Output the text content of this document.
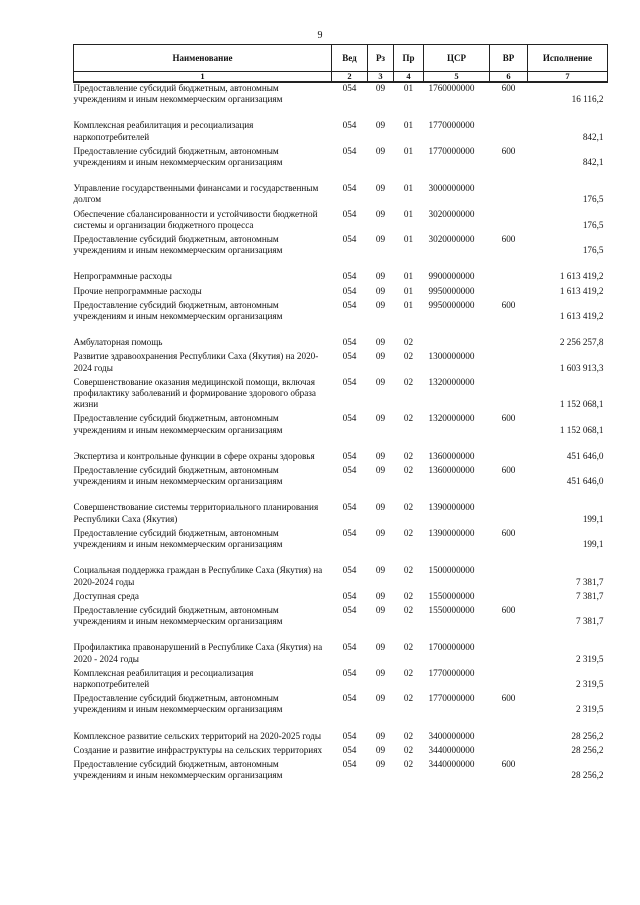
9
Наименование	Вед	Рз	Пр	ЦСР	ВР	Исполнение
1	2	3	4	5	6	7
Предоставление субсидий бюджетным, автономным учреждениям и иным некоммерческим организациям	054	09	01	1760000000	600	16 116,2
Комплексная реабилитация и ресоциализация наркопотребителей	054	09	01	1770000000		842,1
Предоставление субсидий бюджетным, автономным учреждениям и иным некоммерческим организациям	054	09	01	1770000000	600	842,1
Управление государственными финансами и государственным долгом	054	09	01	3000000000		176,5
Обеспечение сбалансированности и устойчивости бюджетной системы и организации бюджетного процесса	054	09	01	3020000000		176,5
Предоставление субсидий бюджетным, автономным учреждениям и иным некоммерческим организациям	054	09	01	3020000000	600	176,5
Непрограммные расходы	054	09	01	9900000000		1 613 419,2
Прочие непрограммные расходы	054	09	01	9950000000		1 613 419,2
Предоставление субсидий бюджетным, автономным учреждениям и иным некоммерческим организациям	054	09	01	9950000000	600	1 613 419,2
Амбулаторная помощь	054	09	02			2 256 257,8
Развитие здравоохранения Республики Саха (Якутия) на 2020-2024 годы	054	09	02	1300000000		1 603 913,3
Совершенствование оказания медицинской помощи, включая профилактику заболеваний и формирование здорового образа жизни	054	09	02	1320000000		1 152 068,1
Предоставление субсидий бюджетным, автономным учреждениям и иным некоммерческим организациям	054	09	02	1320000000	600	1 152 068,1
Экспертиза и контрольные функции в сфере охраны здоровья	054	09	02	1360000000		451 646,0
Предоставление субсидий бюджетным, автономным учреждениям и иным некоммерческим организациям	054	09	02	1360000000	600	451 646,0
Совершенствование системы территориального планирования Республики Саха (Якутия)	054	09	02	1390000000		199,1
Предоставление субсидий бюджетным, автономным учреждениям и иным некоммерческим организациям	054	09	02	1390000000	600	199,1
Социальная поддержка граждан в Республике Саха (Якутия) на 2020-2024 годы	054	09	02	1500000000		7 381,7
Доступная среда	054	09	02	1550000000		7 381,7
Предоставление субсидий бюджетным, автономным учреждениям и иным некоммерческим организациям	054	09	02	1550000000	600	7 381,7
Профилактика правонарушений в Республике Саха (Якутия) на 2020 - 2024 годы	054	09	02	1700000000		2 319,5
Комплексная реабилитация и ресоциализация наркопотребителей	054	09	02	1770000000		2 319,5
Предоставление субсидий бюджетным, автономным учреждениям и иным некоммерческим организациям	054	09	02	1770000000	600	2 319,5
Комплексное развитие сельских территорий на 2020-2025 годы	054	09	02	3400000000		28 256,2
Создание и развитие инфраструктуры на сельских территориях	054	09	02	3440000000		28 256,2
Предоставление субсидий бюджетным, автономным учреждениям и иным некоммерческим организациям	054	09	02	3440000000	600	28 256,2
